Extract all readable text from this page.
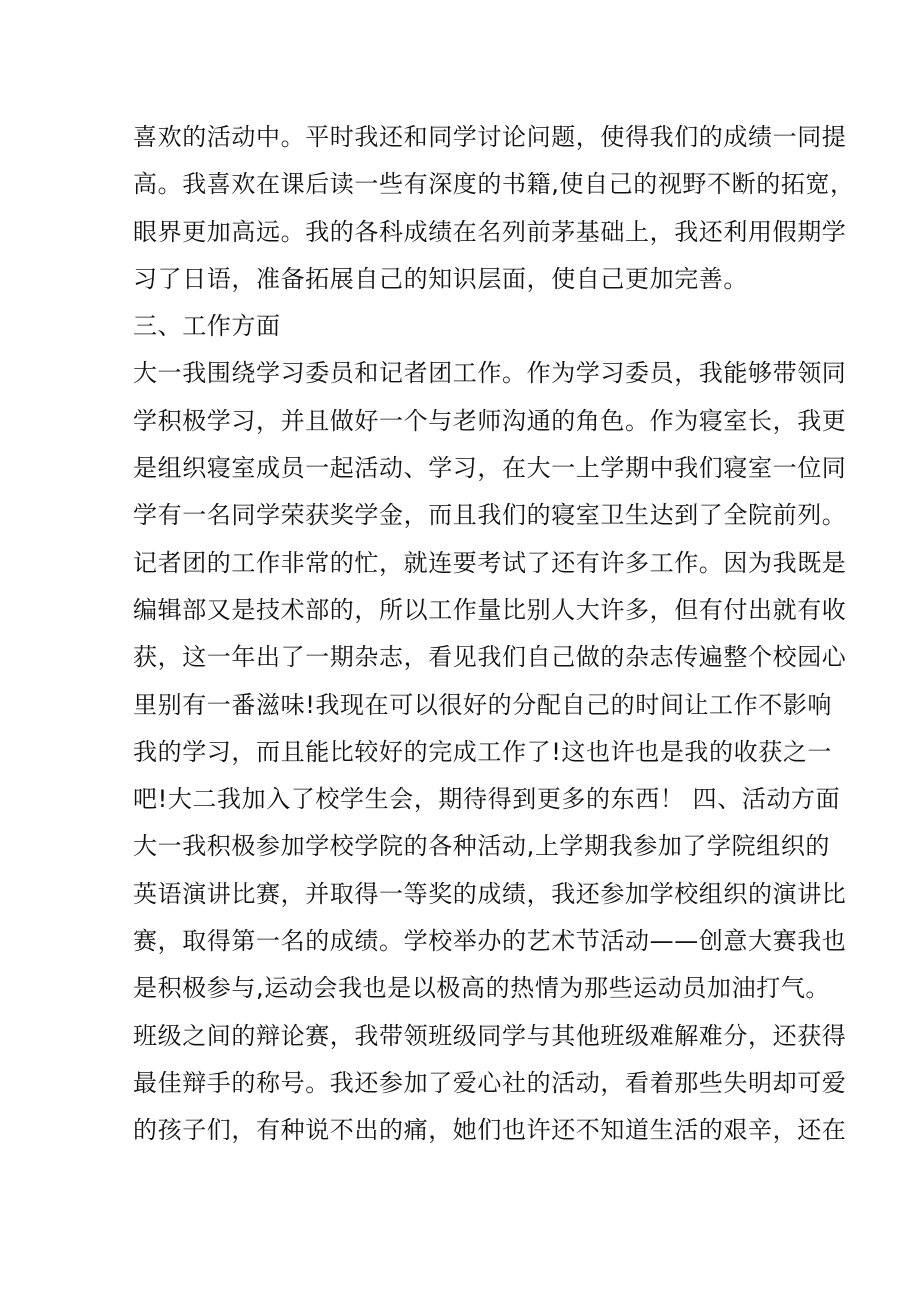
喜欢的活动中。平时我还和同学讨论问题，使得我们的成绩一同提
高。我喜欢在课后读一些有深度的书籍,使自己的视野不断的拓宽，
眼界更加高远。我的各科成绩在名列前茅基础上，我还利用假期学
习了日语，准备拓展自己的知识层面，使自己更加完善。
三、工作方面
大一我围绕学习委员和记者团工作。作为学习委员，我能够带领同
学积极学习，并且做好一个与老师沟通的角色。作为寝室长，我更
是组织寝室成员一起活动、学习，在大一上学期中我们寝室一位同
学有一名同学荣获奖学金，而且我们的寝室卫生达到了全院前列。
记者团的工作非常的忙，就连要考试了还有许多工作。因为我既是
编辑部又是技术部的，所以工作量比别人大许多，但有付出就有收
获，这一年出了一期杂志，看见我们自己做的杂志传遍整个校园心
里别有一番滋味!我现在可以很好的分配自己的时间让工作不影响
我的学习，而且能比较好的完成工作了!这也许也是我的收获之一
吧!大二我加入了校学生会，期待得到更多的东西！ 四、活动方面
大一我积极参加学校学院的各种活动,上学期我参加了学院组织的
英语演讲比赛，并取得一等奖的成绩，我还参加学校组织的演讲比
赛，取得第一名的成绩。学校举办的艺术节活动——创意大赛我也
是积极参与,运动会我也是以极高的热情为那些运动员加油打气。
班级之间的辩论赛，我带领班级同学与其他班级难解难分，还获得
最佳辩手的称号。我还参加了爱心社的活动，看着那些失明却可爱
的孩子们，有种说不出的痛，她们也许还不知道生活的艰辛，还在
